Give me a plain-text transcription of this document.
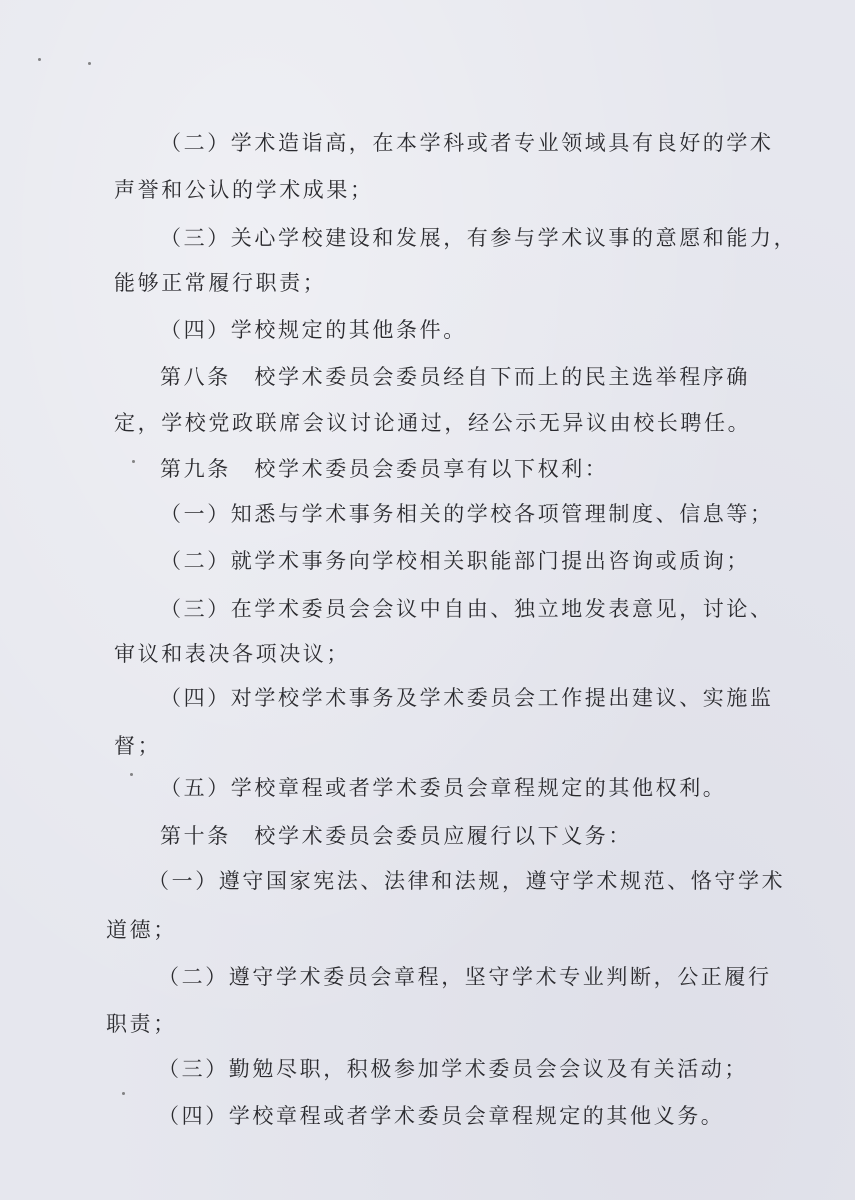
（二）学术造诣高，在本学科或者专业领域具有良好的学术
声誉和公认的学术成果；
（三）关心学校建设和发展，有参与学术议事的意愿和能力，
能够正常履行职责；
（四）学校规定的其他条件。
第八条　校学术委员会委员经自下而上的民主选举程序确
定，学校党政联席会议讨论通过，经公示无异议由校长聘任。
第九条　校学术委员会委员享有以下权利：
（一）知悉与学术事务相关的学校各项管理制度、信息等；
（二）就学术事务向学校相关职能部门提出咨询或质询；
（三）在学术委员会会议中自由、独立地发表意见，讨论、
审议和表决各项决议；
（四）对学校学术事务及学术委员会工作提出建议、实施监
督；
（五）学校章程或者学术委员会章程规定的其他权利。
第十条　校学术委员会委员应履行以下义务：
（一）遵守国家宪法、法律和法规，遵守学术规范、恪守学术
道德；
（二）遵守学术委员会章程，坚守学术专业判断，公正履行
职责；
（三）勤勉尽职，积极参加学术委员会会议及有关活动；
（四）学校章程或者学术委员会章程规定的其他义务。
